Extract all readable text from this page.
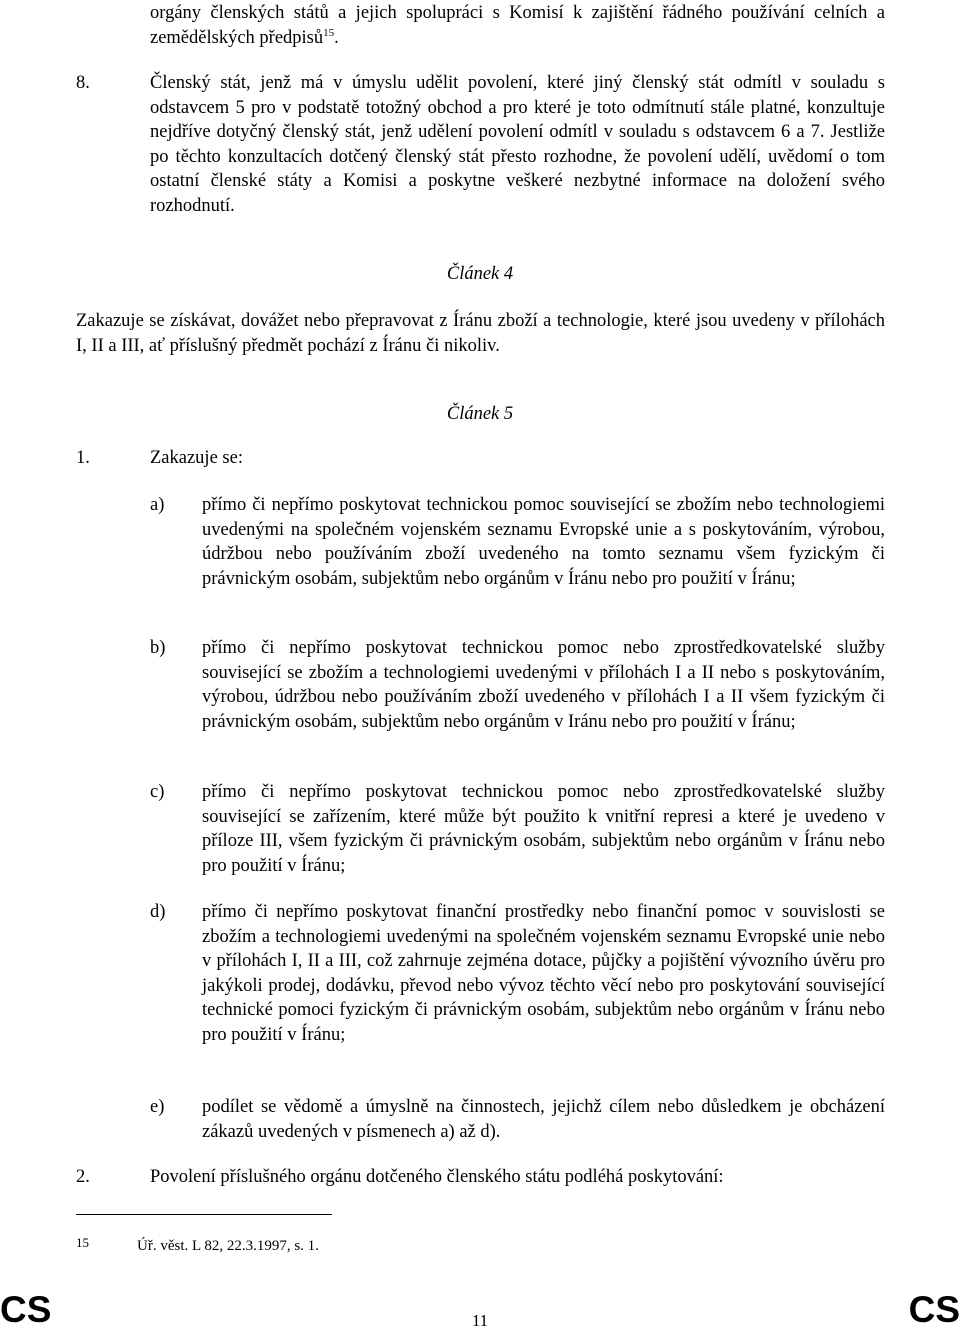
orgány členských států a jejich spolupráci s Komisí k zajištění řádného používání celních a zemědělských předpisů$^{15}$.
8.	Členský stát, jenž má v úmyslu udělit povolení, které jiný členský stát odmítl v souladu s odstavcem 5 pro v podstatě totožný obchod a pro které je toto odmítnutí stále platné, konzultuje nejdříve dotyčný členský stát, jenž udělení povolení odmítl v souladu s odstavcem 6 a 7. Jestliže po těchto konzultacích dotčený členský stát přesto rozhodne, že povolení udělí, uvědomí o tom ostatní členské státy a Komisi a poskytne veškeré nezbytné informace na doložení svého rozhodnutí.
Článek 4
Zakazuje se získávat, dovážet nebo přepravovat z Íránu zboží a technologie, které jsou uvedeny v přílohách I, II a III, ať příslušný předmět pochází z Íránu či nikoliv.
Článek 5
1.	Zakazuje se:
a) přímo či nepřímo poskytovat technickou pomoc související se zbožím nebo technologiemi uvedenými na společném vojenském seznamu Evropské unie a s poskytováním, výrobou, údržbou nebo používáním zboží uvedeného na tomto seznamu všem fyzickým či právnickým osobám, subjektům nebo orgánům v Íránu nebo pro použití v Íránu;
b) přímo či nepřímo poskytovat technickou pomoc nebo zprostředkovatelské služby související se zbožím a technologiemi uvedenými v přílohách I a II nebo s poskytováním, výrobou, údržbou nebo používáním zboží uvedeného v přílohách I a II všem fyzickým či právnickým osobám, subjektům nebo orgánům v Iránu nebo pro použití v Íránu;
c) přímo či nepřímo poskytovat technickou pomoc nebo zprostředkovatelské služby související se zařízením, které může být použito k vnitřní represi a které je uvedeno v příloze III, všem fyzickým či právnickým osobám, subjektům nebo orgánům v Íránu nebo pro použití v Íránu;
d) přímo či nepřímo poskytovat finanční prostředky nebo finanční pomoc v souvislosti se zbožím a technologiemi uvedenými na společném vojenském seznamu Evropské unie nebo v přílohách I, II a III, což zahrnuje zejména dotace, půjčky a pojištění vývozního úvěru pro jakýkoli prodej, dodávku, převod nebo vývoz těchto věcí nebo pro poskytování související technické pomoci fyzickým či právnickým osobám, subjektům nebo orgánům v Íránu nebo pro použití v Íránu;
e) podílet se vědomě a úmyslně na činnostech, jejichž cílem nebo důsledkem je obcházení zákazů uvedených v písmenech a) až d).
2.	Povolení příslušného orgánu dotčeného členského státu podléhá poskytování:
15	Úř. věst. L 82, 22.3.1997, s. 1.
CS	11	CS
